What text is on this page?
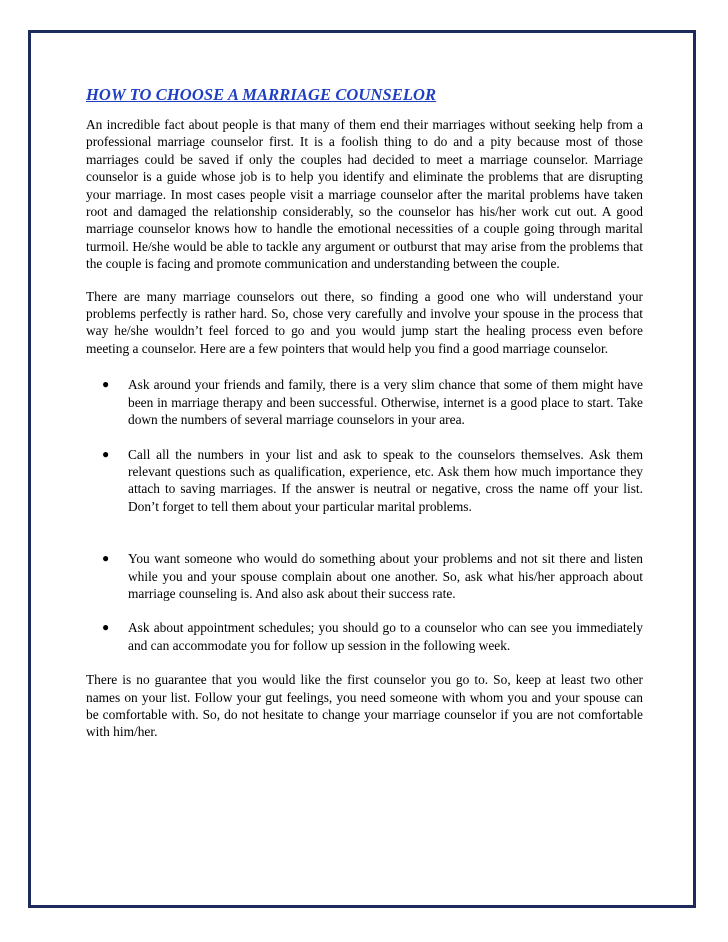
HOW TO CHOOSE A MARRIAGE COUNSELOR

An incredible fact about people is that many of them end their marriages without seeking help from a professional marriage counselor first. It is a foolish thing to do and a pity because most of those marriages could be saved if only the couples had decided to meet a marriage counselor. Marriage counselor is a guide whose job is to help you identify and eliminate the problems that are disrupting your marriage. In most cases people visit a marriage counselor after the marital problems have taken root and damaged the relationship considerably, so the counselor has his/her work cut out. A good marriage counselor knows how to handle the emotional necessities of a couple going through marital turmoil. He/she would be able to tackle any argument or outburst that may arise from the problems that the couple is facing and promote communication and understanding between the couple.

There are many marriage counselors out there, so finding a good one who will understand your problems perfectly is rather hard. So, chose very carefully and involve your spouse in the process that way he/she wouldn’t feel forced to go and you would jump start the healing process even before meeting a counselor. Here are a few pointers that would help you find a good marriage counselor.

● Ask around your friends and family, there is a very slim chance that some of them might have been in marriage therapy and been successful. Otherwise, internet is a good place to start. Take down the numbers of several marriage counselors in your area.
● Call all the numbers in your list and ask to speak to the counselors themselves. Ask them relevant questions such as qualification, experience, etc. Ask them how much importance they attach to saving marriages. If the answer is neutral or negative, cross the name off your list. Don’t forget to tell them about your particular marital problems.
● You want someone who would do something about your problems and not sit there and listen while you and your spouse complain about one another. So, ask what his/her approach about marriage counseling is. And also ask about their success rate.
● Ask about appointment schedules; you should go to a counselor who can see you immediately and can accommodate you for follow up session in the following week.

There is no guarantee that you would like the first counselor you go to. So, keep at least two other names on your list. Follow your gut feelings, you need someone with whom you and your spouse can be comfortable with. So, do not hesitate to change your marriage counselor if you are not comfortable with him/her.
